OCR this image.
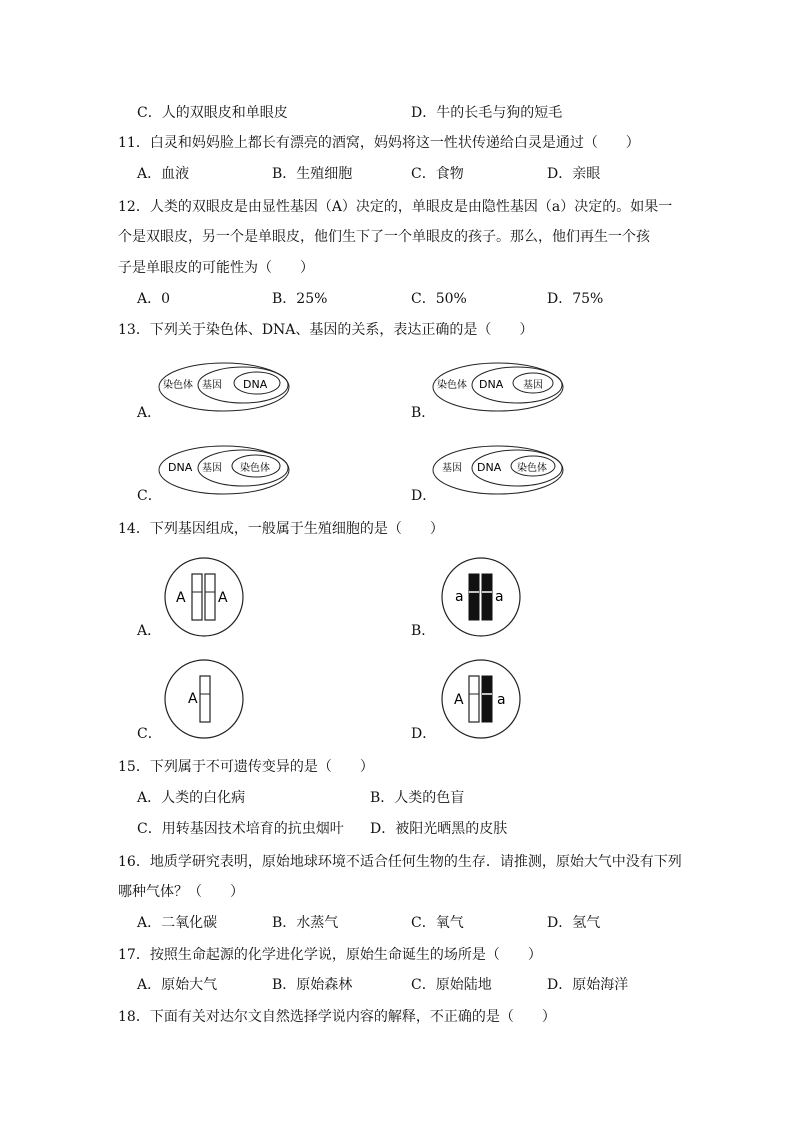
C．人的双眼皮和单眼皮	D．牛的长毛与狗的短毛
11．白灵和妈妈脸上都长有漂亮的酒窝，妈妈将这一性状传递给白灵是通过（　　）
A．血液	B．生殖细胞	C．食物	D．亲眼
12．人类的双眼皮是由显性基因（A）决定的，单眼皮是由隐性基因（a）决定的。如果一
个是双眼皮，另一个是单眼皮，他们生下了一个单眼皮的孩子。那么，他们再生一个孩
子是单眼皮的可能性为（　　）
A．0	B．25%	C．50%	D．75%
13．下列关于染色体、DNA、基因的关系，表达正确的是（　　）
染色体 基因 DNA
A．
染色体 DNA 基因
B．
DNA 基因 染色体
C．
基因 DNA 染色体
D．
14．下列基因组成，一般属于生殖细胞的是（　　）
A A
A．
a a
B．
A
C．
A a
D．
15．下列属于不可遗传变异的是（　　）
A．人类的白化病	B．人类的色盲
C．用转基因技术培育的抗虫烟叶 D．被阳光晒黑的皮肤
16．地质学研究表明，原始地球环境不适合任何生物的生存．请推测，原始大气中没有下列
哪种气体？（　　）
A．二氧化碳	B．水蒸气	C．氧气	D．氢气
17．按照生命起源的化学进化学说，原始生命诞生的场所是（　　）
A．原始大气	B．原始森林	C．原始陆地	D．原始海洋
18．下面有关对达尔文自然选择学说内容的解释，不正确的是（　　）
